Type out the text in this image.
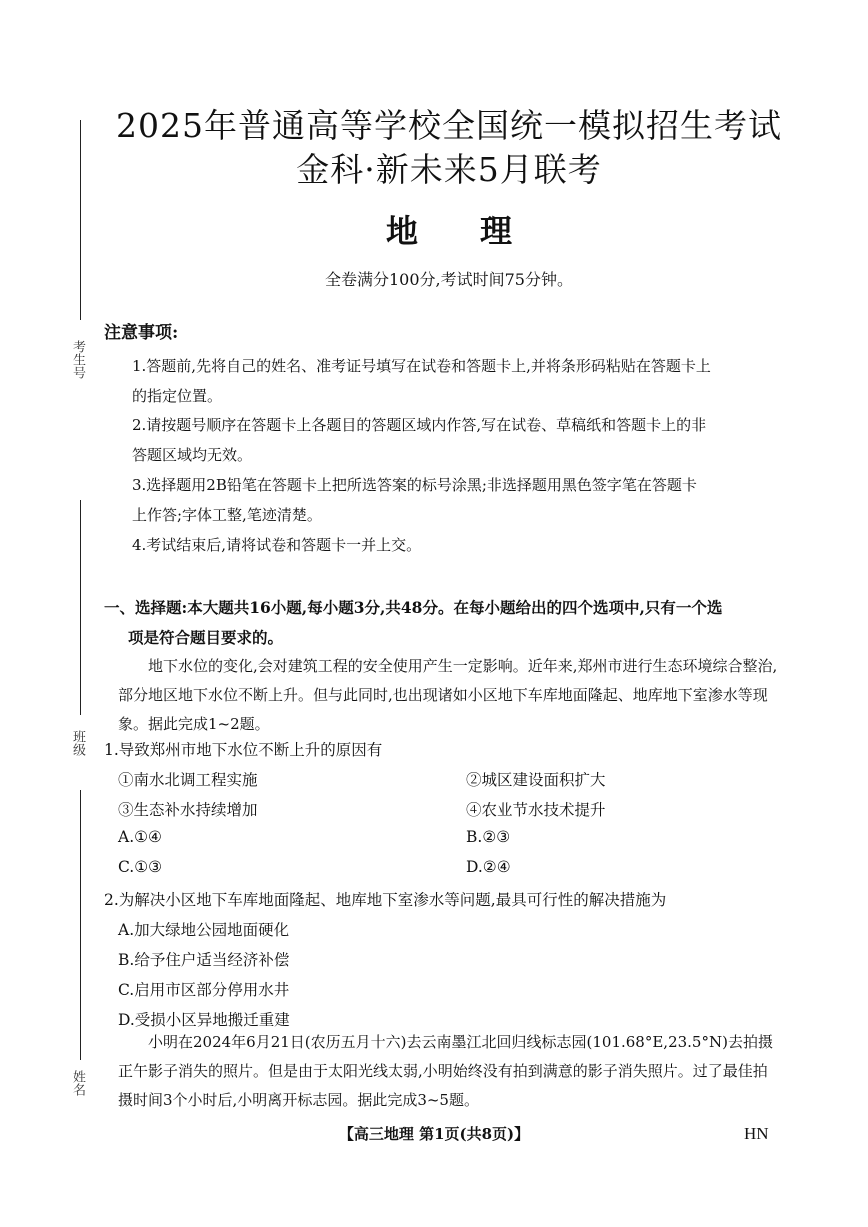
考生号
班级
姓名
2025年普通高等学校全国统一模拟招生考试
金科·新未来5月联考
地理
全卷满分100分,考试时间75分钟。
注意事项:
1.答题前,先将自己的姓名、准考证号填写在试卷和答题卡上,并将条形码粘贴在答题卡上
的指定位置。
2.请按题号顺序在答题卡上各题目的答题区域内作答,写在试卷、草稿纸和答题卡上的非
答题区域均无效。
3.选择题用2B铅笔在答题卡上把所选答案的标号涂黑;非选择题用黑色签字笔在答题卡
上作答;字体工整,笔迹清楚。
4.考试结束后,请将试卷和答题卡一并上交。
一、选择题:本大题共16小题,每小题3分,共48分。在每小题给出的四个选项中,只有一个选
项是符合题目要求的。
地下水位的变化,会对建筑工程的安全使用产生一定影响。近年来,郑州市进行生态环境综合整治,部分地区地下水位不断上升。但与此同时,也出现诸如小区地下车库地面隆起、地库地下室渗水等现象。据此完成1~2题。
1.导致郑州市地下水位不断上升的原因有
①南水北调工程实施	②城区建设面积扩大
③生态补水持续增加	④农业节水技术提升
A.①④	B.②③
C.①③	D.②④
2.为解决小区地下车库地面隆起、地库地下室渗水等问题,最具可行性的解决措施为
A.加大绿地公园地面硬化
B.给予住户适当经济补偿
C.启用市区部分停用水井
D.受损小区异地搬迁重建
小明在2024年6月21日(农历五月十六)去云南墨江北回归线标志园(101.68°E,23.5°N)去拍摄正午影子消失的照片。但是由于太阳光线太弱,小明始终没有拍到满意的影子消失照片。过了最佳拍摄时间3个小时后,小明离开标志园。据此完成3~5题。
【高三地理 第1页(共8页)】	HN
